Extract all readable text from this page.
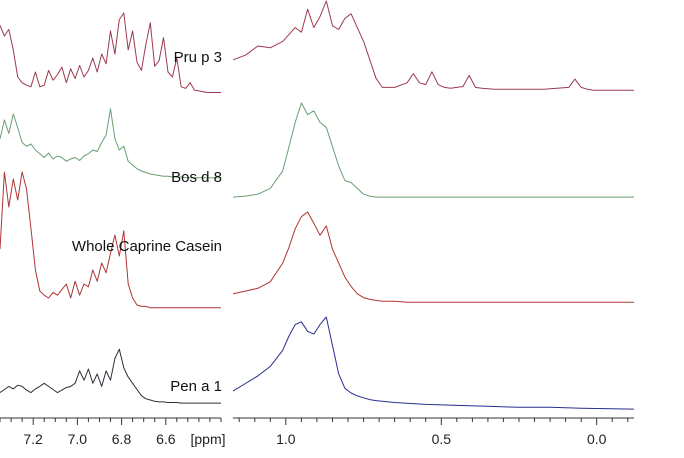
7.2 7.0 6.8 6.6	1.0	0.5	0.0
Pru p 3
Bos d 8
Whole Caprine Casein
Pen a 1
[ppm]
